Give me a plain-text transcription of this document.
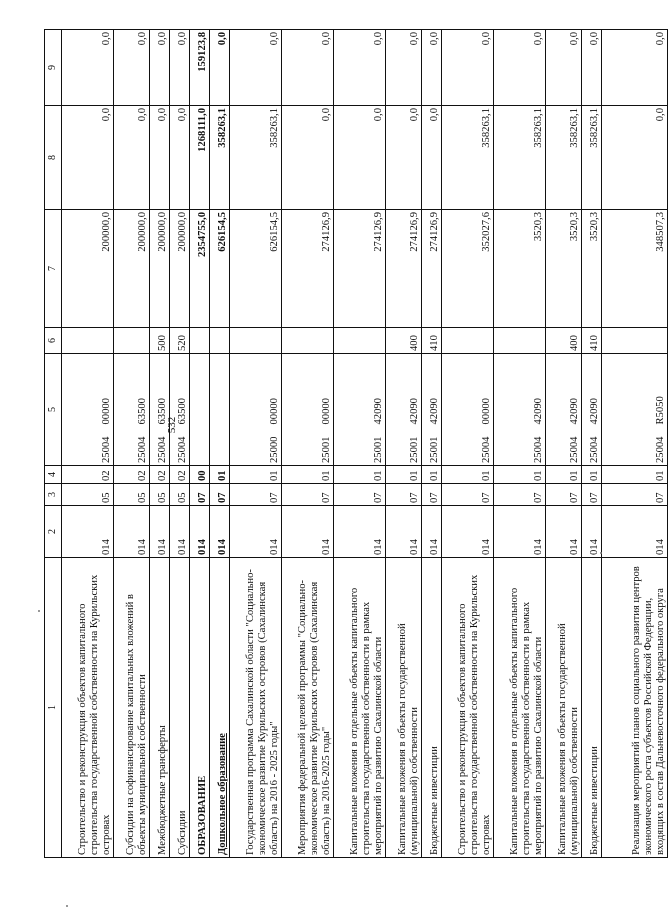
532
1	2	3	4	5	6	7	8	9
Строительство и реконструкция объектов капитального строительства государственной собственности на Курильских островах	014	05	02	2500400000		200000,0	0,0	0,0
Субсидии на софинансирование капитальных вложений в объекты муниципальной собственности	014	05	02	2500463500		200000,0	0,0	0,0
Межбюджетные трансферты	014	05	02	2500463500	500	200000,0	0,0	0,0
Субсидии	014	05	02	2500463500	520	200000,0	0,0	0,0
ОБРАЗОВАНИЕ	014	07	00			2354755,0	1268111,0	159123,8
Дошкольное образование	014	07	01			626154,5	358263,1	0,0
Государственная программа Сахалинской области "Социально-экономическое развитие Курильских островов (Сахалинская область) на 2016 - 2025 годы"	014	07	01	2500000000		626154,5	358263,1	0,0
Мероприятия федеральной целевой программы "Социально-экономическое развитие Курильских островов (Сахалинская область) на 2016-2025 годы"	014	07	01	2500100000		274126,9	0,0	0,0
Капитальные вложения в отдельные объекты капитального строительства государственной собственности в рамках мероприятий по развитию Сахалинской области	014	07	01	2500142090		274126,9	0,0	0,0
Капитальные вложения в объекты государственной (муниципальной) собственности	014	07	01	2500142090	400	274126,9	0,0	0,0
Бюджетные инвестиции	014	07	01	2500142090	410	274126,9	0,0	0,0
Строительство и реконструкция объектов капитального строительства государственной собственности на Курильских островах	014	07	01	2500400000		352027,6	358263,1	0,0
Капитальные вложения в отдельные объекты капитального строительства государственной собственности в рамках мероприятий по развитию Сахалинской области	014	07	01	2500442090		3520,3	358263,1	0,0
Капитальные вложения в объекты государственной (муниципальной) собственности	014	07	01	2500442090	400	3520,3	358263,1	0,0
Бюджетные инвестиции	014	07	01	2500442090	410	3520,3	358263,1	0,0
Реализация мероприятий планов социального развития центров экономического роста субъектов Российской Федерации, входящих в состав Дальневосточного федерального округа	014	07	01	25004R5050		348507,3	0,0	0,0
